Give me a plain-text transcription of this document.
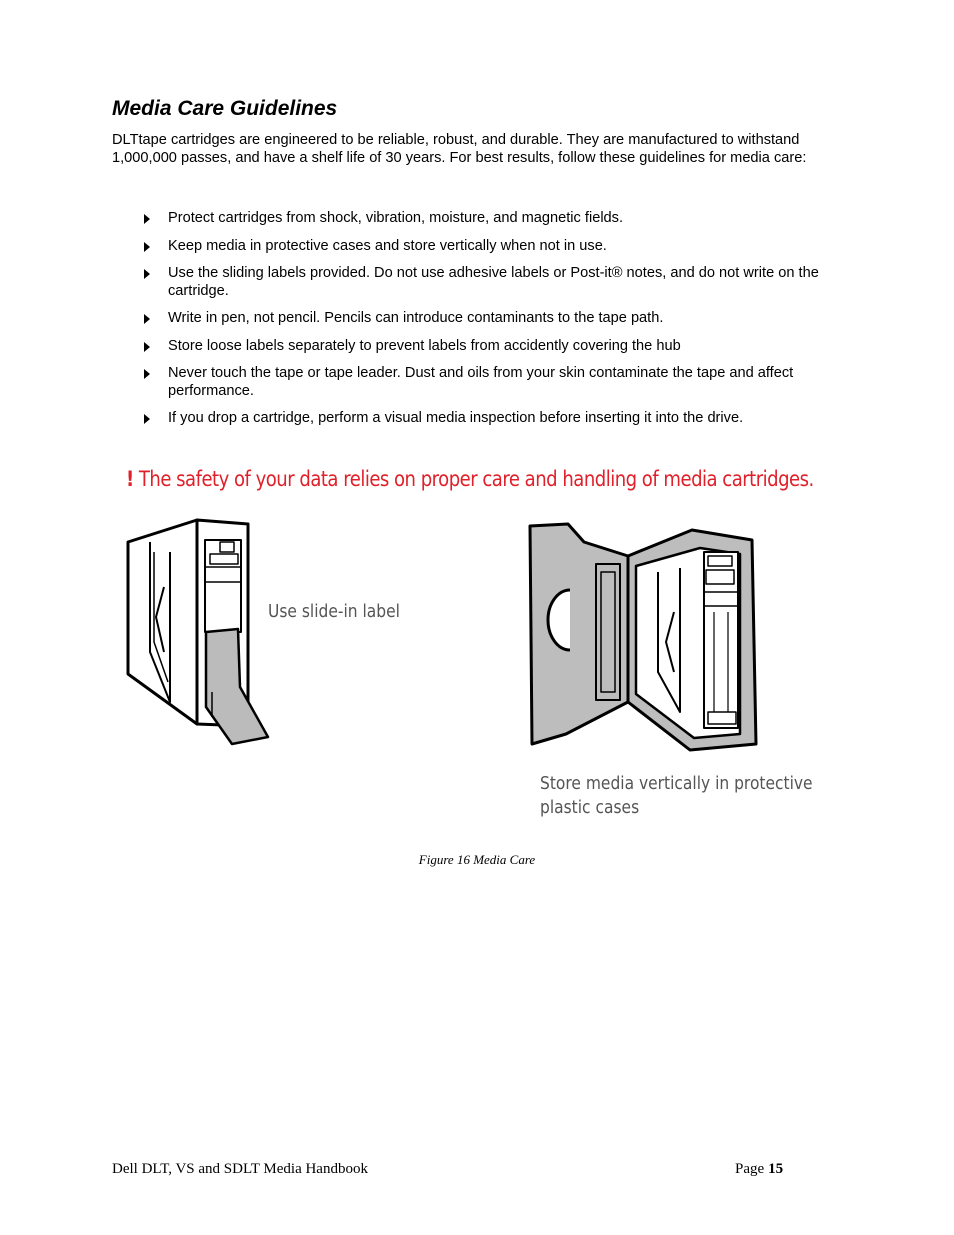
Media Care Guidelines

DLTtape cartridges are engineered to be reliable, robust, and durable. They are manufactured to withstand 1,000,000 passes, and have a shelf life of 30 years. For best results, follow these guidelines for media care:

Protect cartridges from shock, vibration, moisture, and magnetic fields.
Keep media in protective cases and store vertically when not in use.
Use the sliding labels provided. Do not use adhesive labels or Post-it® notes, and do not write on the cartridge.
Write in pen, not pencil. Pencils can introduce contaminants to the tape path.
Store loose labels separately to prevent labels from accidently covering the hub
Never touch the tape or tape leader. Dust and oils from your skin contaminate the tape and affect performance.
If you drop a cartridge, perform a visual media inspection before inserting it into the drive.
! The safety of your data relies on proper care and handling of media cartridges.
Use slide-in label
Store media vertically in protective
plastic cases
Figure 16 Media Care
Dell DLT, VS and SDLT Media Handbook	Page 15
